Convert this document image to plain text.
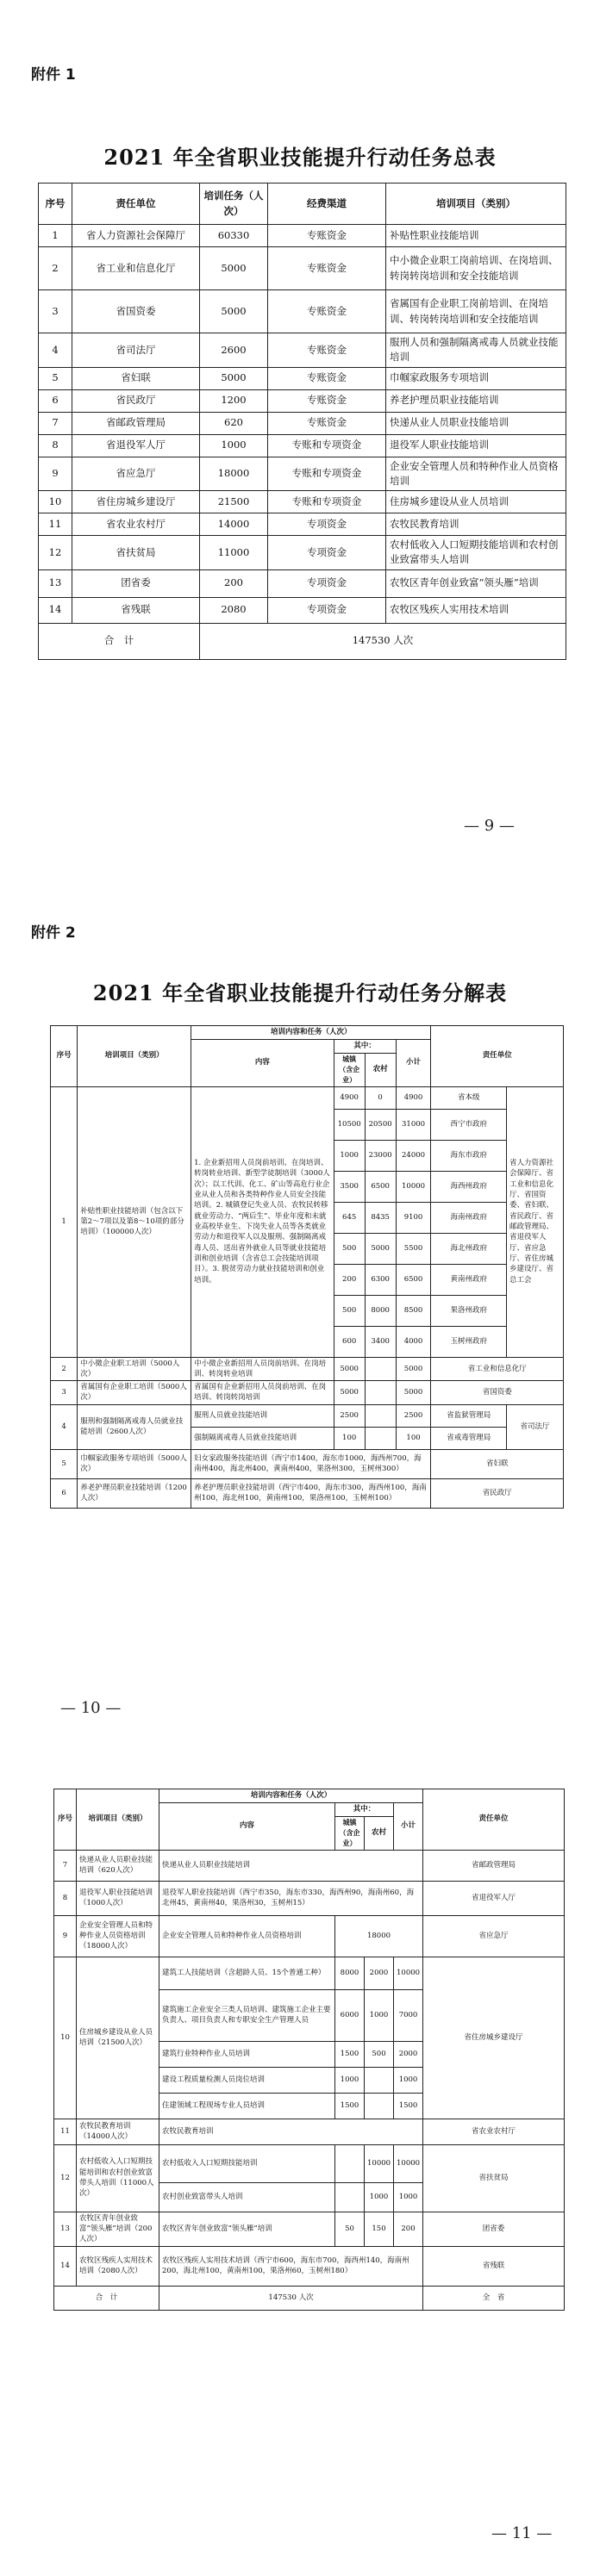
附件 1
2021 年全省职业技能提升行动任务总表
序号	责任单位	培训任务（人次）	经费渠道	培训项目（类别）
1	省人力资源社会保障厅	60330	专账资金	补贴性职业技能培训
2	省工业和信息化厅	5000	专账资金	中小微企业职工岗前培训、在岗培训、转岗转岗培训和安全技能培训
3	省国资委	5000	专账资金	省属国有企业职工岗前培训、在岗培训、转岗转岗培训和安全技能培训
4	省司法厅	2600	专账资金	服刑人员和强制隔离戒毒人员就业技能培训
5	省妇联	5000	专账资金	巾帼家政服务专项培训
6	省民政厅	1200	专账资金	养老护理员职业技能培训
7	省邮政管理局	620	专账资金	快递从业人员职业技能培训
8	省退役军人厅	1000	专账和专项资金	退役军人职业技能培训
9	省应急厅	18000	专账和专项资金	企业安全管理人员和特种作业人员资格培训
10	省住房城乡建设厅	21500	专账和专项资金	住房城乡建设从业人员培训
11	省农业农村厅	14000	专项资金	农牧民教育培训
12	省扶贫局	11000	专项资金	农村低收入人口短期技能培训和农村创业致富带头人培训
13	团省委	200	专项资金	农牧区青年创业致富“领头雁”培训
14	省残联	2080	专项资金	农牧区残疾人实用技术培训
合　计		147530 人次		
— 9 —
附件 2
2021 年全省职业技能提升行动任务分解表
序号	培训项目（类别）	培训内容和任务（人次）				责任单位	
		内容	其中：		小计		
			城镇（含企业）	农村			
1	补贴性职业技能培训（包含以下第2～7项以及第8～10项的部分培训）（100000人次）	1. 企业新招用人员岗前培训、在岗培训、转岗转业培训、新型学徒制培训（3000人次）；以工代训、化工、矿山等高危行业企业从业人员和各类特种作业人员安全技能培训。2. 城镇登记失业人员、农牧民转移就业劳动力、“两后生”、毕业年度和未就业高校毕业生、下岗失业人员等各类就业劳动力和退役军人以及服刑、强制隔离戒毒人员、送出省外就业人员等就业技能培训和创业培训（含省总工会技能培训项目）。3. 脱贫劳动力就业技能培训和创业培训。	4900	0	4900	省本级	省人力资源社会保障厅、省工业和信息化厅、省国资委、省妇联、省民政厅、省邮政管理局、省退役军人厅、省应急厅、省住房城乡建设厅、省总工会
			10500	20500	31000	西宁市政府	
			1000	23000	24000	海东市政府	
			3500	6500	10000	海西州政府	
			645	8435	9100	海南州政府	
			500	5000	5500	海北州政府	
			200	6300	6500	黄南州政府	
			500	8000	8500	果洛州政府	
			600	3400	4000	玉树州政府	
2	中小微企业职工培训（5000人次）	中小微企业新招用人员岗前培训、在岗培训、转岗转业培训	5000		5000	省工业和信息化厅	
3	省属国有企业职工培训（5000人次）	省属国有企业新招用人员岗前培训、在岗培训、转岗转岗培训	5000		5000	省国资委	
4	服刑和强制隔离戒毒人员就业技能培训（2600人次）	服刑人员就业技能培训	2500		2500	省监狱管理局	省司法厅
		强制隔离戒毒人员就业技能培训	100		100	省戒毒管理局	
5	巾帼家政服务专项培训（5000人次）	妇女家政服务技能培训（西宁市1400，海东市1000，海西州700，海南州400，海北州400，黄南州400，果洛州300，玉树州300）				省妇联	
6	养老护理员职业技能培训（1200人次）	养老护理员职业技能培训（西宁市400，海东市300，海西州100，海南州100，海北州100，黄南州100，果洛州100，玉树州100）				省民政厅	
— 10 —
序号	培训项目（类别）	培训内容和任务（人次）				责任单位
		内容	其中：		小计	
			城镇（含企业）	农村		
7	快递从业人员职业技能培训（620人次）	快递从业人员职业技能培训				省邮政管理局
8	退役军人职业技能培训（1000人次）	退役军人职业技能培训（西宁市350，海东市330，海西州90，海南州60，海北州45，黄南州40，果洛州30，玉树州15）				省退役军人厅
9	企业安全管理人员和特种作业人员资格培训（18000人次）	企业安全管理人员和特种作业人员资格培训	18000			省应急厅
10	住房城乡建设从业人员培训（21500人次）	建筑工人技能培训（含超龄人员、15个普通工种）	8000	2000	10000	省住房城乡建设厅
		建筑施工企业安全三类人员培训、建筑施工企业主要负责人、项目负责人和专职安全生产管理人员	6000	1000	7000	
		建筑行业特种作业人员培训	1500	500	2000	
		建设工程质量检测人员岗位培训	1000		1000	
		住建领域工程现场专业人员培训	1500		1500	
11	农牧民教育培训（14000人次）	农牧民教育培训				省农业农村厅
12	农村低收入人口短期技能培训和农村创业致富带头人培训（11000人次）	农村低收入人口短期技能培训		10000	10000	省扶贫局
		农村创业致富带头人培训		1000	1000	
13	农牧区青年创业致富“领头雁”培训（200人次）	农牧区青年创业致富“领头雁”培训	50	150	200	团省委
14	农牧区残疾人实用技术培训（2080人次）	农牧区残疾人实用技术培训（西宁市600，海东市700，海西州140，海南州200，海北州100，黄南州100，果洛州60，玉树州180）				省残联
合　计		147530 人次				全　省
— 11 —
